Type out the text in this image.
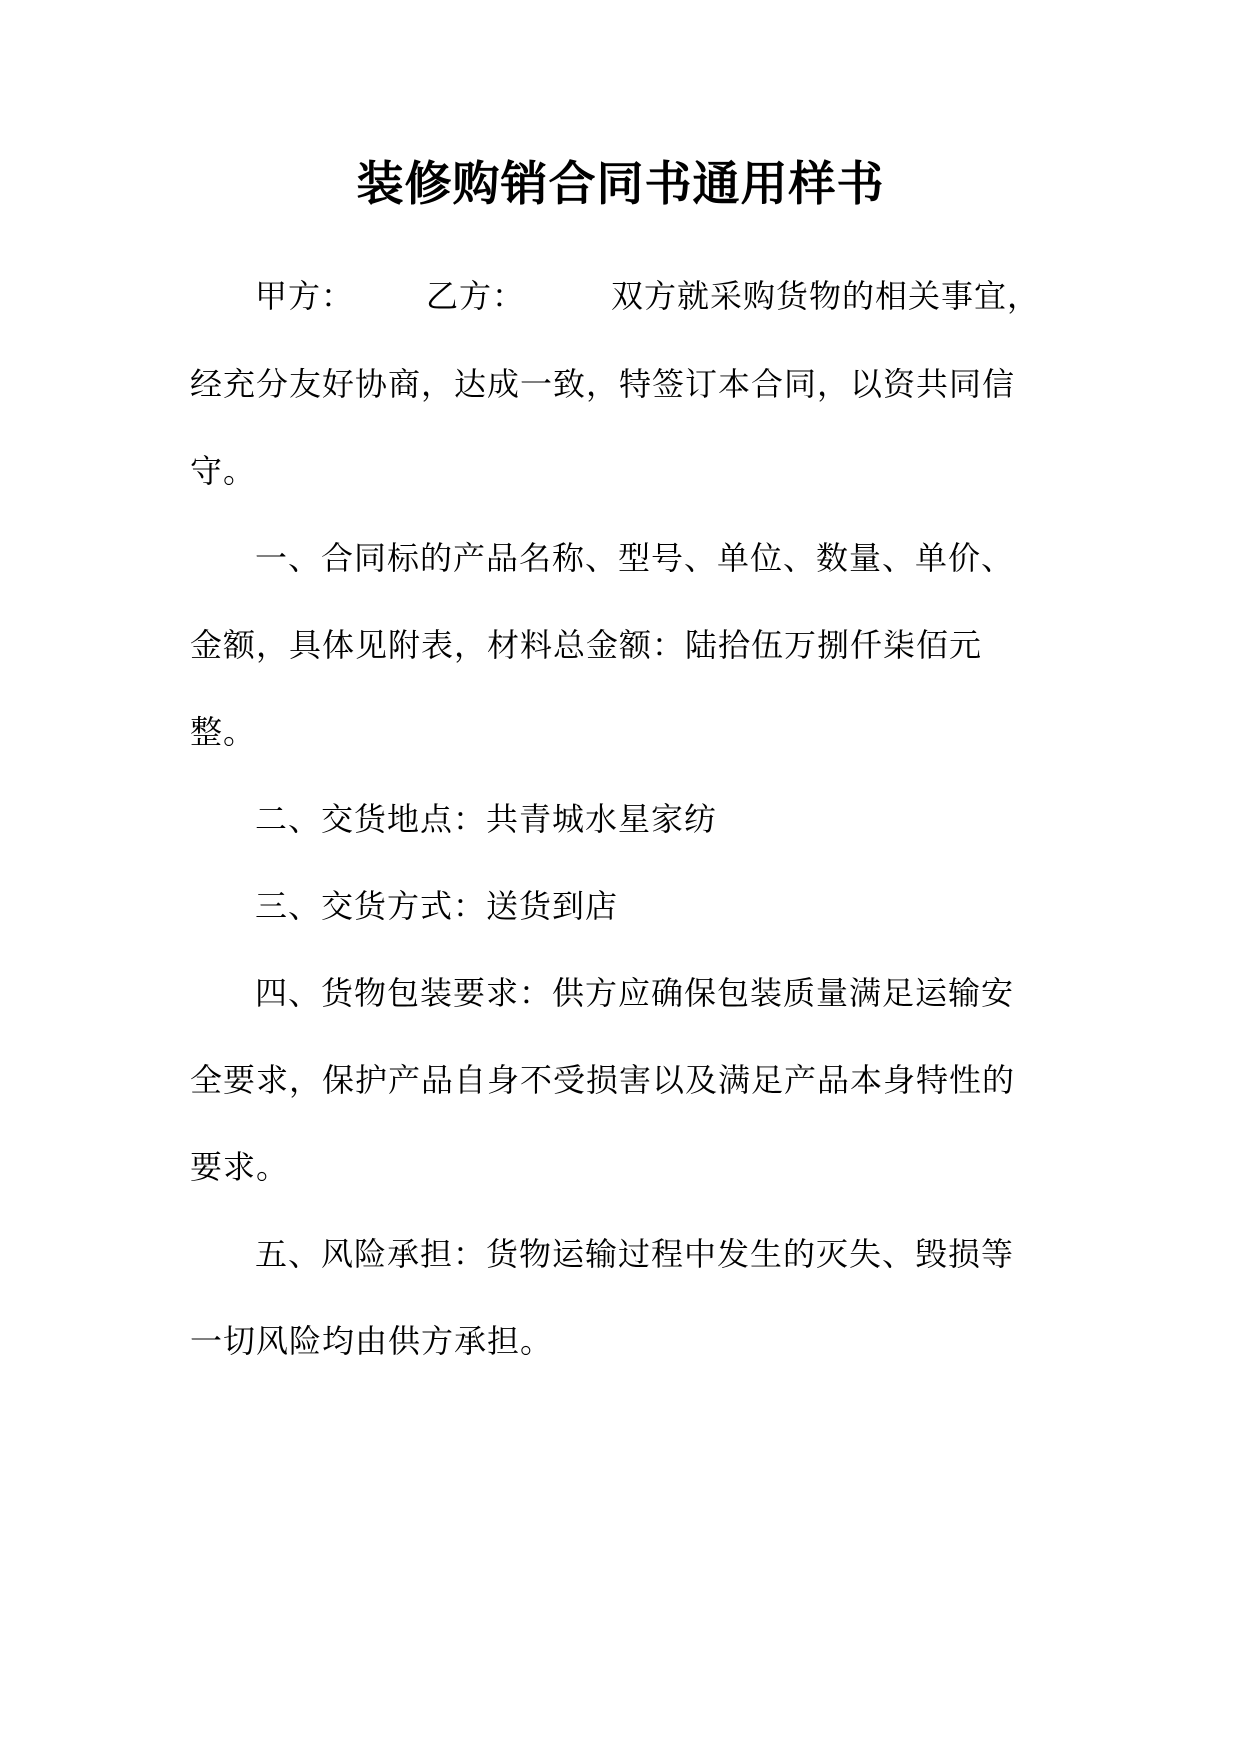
装修购销合同书通用样书
甲方： 乙方：	双方就采购货物的相关事宜，
经充分友好协商，达成一致，特签订本合同，以资共同信
守。
一、合同标的产品名称、型号、单位、数量、单价、
金额，具体见附表，材料总金额：陆拾伍万捌仟柒佰元
整。
二、交货地点：共青城水星家纺
三、交货方式：送货到店
四、货物包装要求：供方应确保包装质量满足运输安
全要求，保护产品自身不受损害以及满足产品本身特性的
要求。
五、风险承担：货物运输过程中发生的灭失、毁损等
一切风险均由供方承担。
